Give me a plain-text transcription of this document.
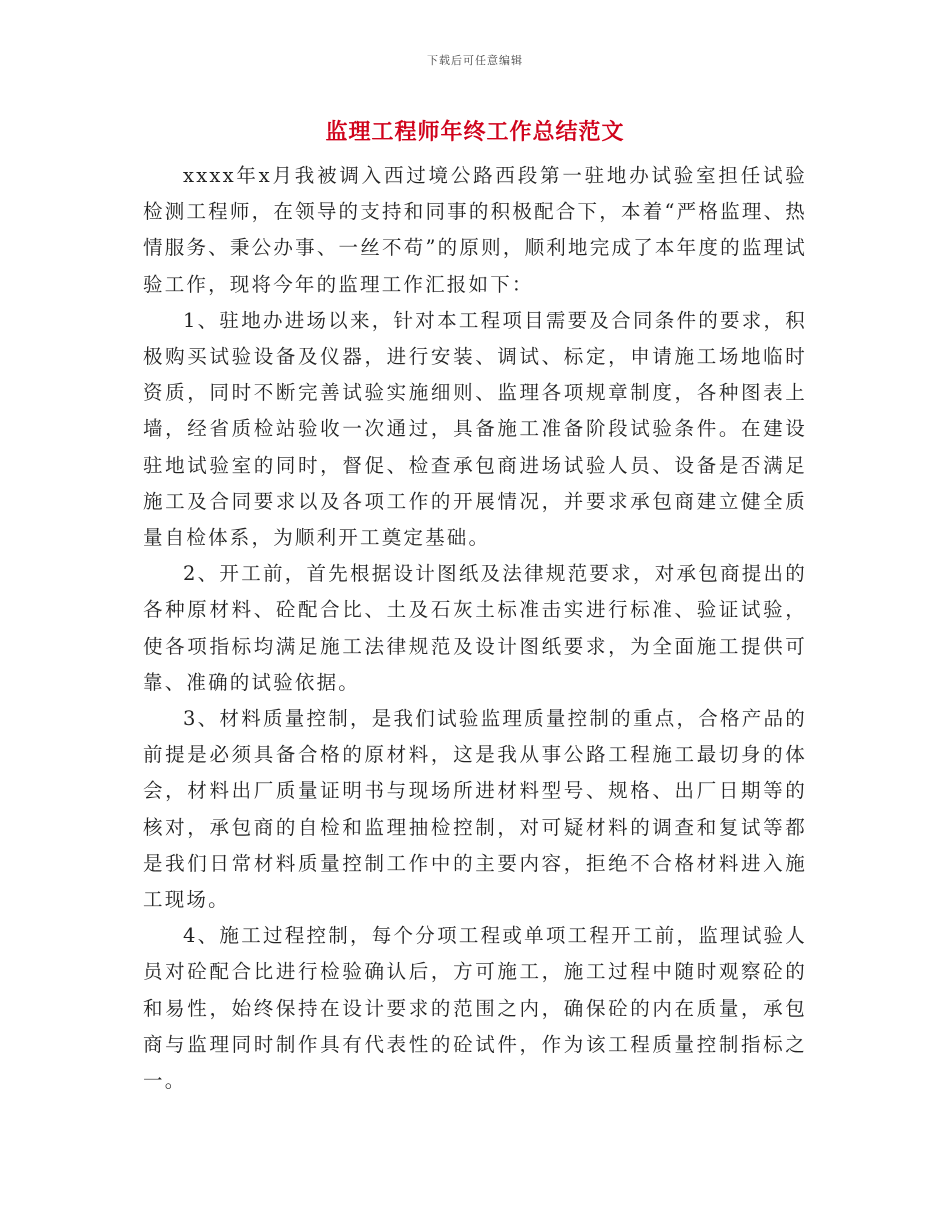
下载后可任意编辑
监理工程师年终工作总结范文

xxxx年x月我被调入西过境公路西段第一驻地办试验室担任试验检测工程师，在领导的支持和同事的积极配合下，本着“严格监理、热情服务、秉公办事、一丝不苟”的原则，顺利地完成了本年度的监理试验工作，现将今年的监理工作汇报如下：

1、驻地办进场以来，针对本工程项目需要及合同条件的要求，积极购买试验设备及仪器，进行安装、调试、标定，申请施工场地临时资质，同时不断完善试验实施细则、监理各项规章制度，各种图表上墙，经省质检站验收一次通过，具备施工准备阶段试验条件。在建设驻地试验室的同时，督促、检查承包商进场试验人员、设备是否满足施工及合同要求以及各项工作的开展情况，并要求承包商建立健全质量自检体系，为顺利开工奠定基础。

2、开工前，首先根据设计图纸及法律规范要求，对承包商提出的各种原材料、砼配合比、土及石灰土标准击实进行标准、验证试验，使各项指标均满足施工法律规范及设计图纸要求，为全面施工提供可靠、准确的试验依据。

3、材料质量控制，是我们试验监理质量控制的重点，合格产品的前提是必须具备合格的原材料，这是我从事公路工程施工最切身的体会，材料出厂质量证明书与现场所进材料型号、规格、出厂日期等的核对，承包商的自检和监理抽检控制，对可疑材料的调查和复试等都是我们日常材料质量控制工作中的主要内容，拒绝不合格材料进入施工现场。

4、施工过程控制，每个分项工程或单项工程开工前，监理试验人员对砼配合比进行检验确认后，方可施工，施工过程中随时观察砼的和易性，始终保持在设计要求的范围之内，确保砼的内在质量，承包商与监理同时制作具有代表性的砼试件，作为该工程质量控制指标之一。
